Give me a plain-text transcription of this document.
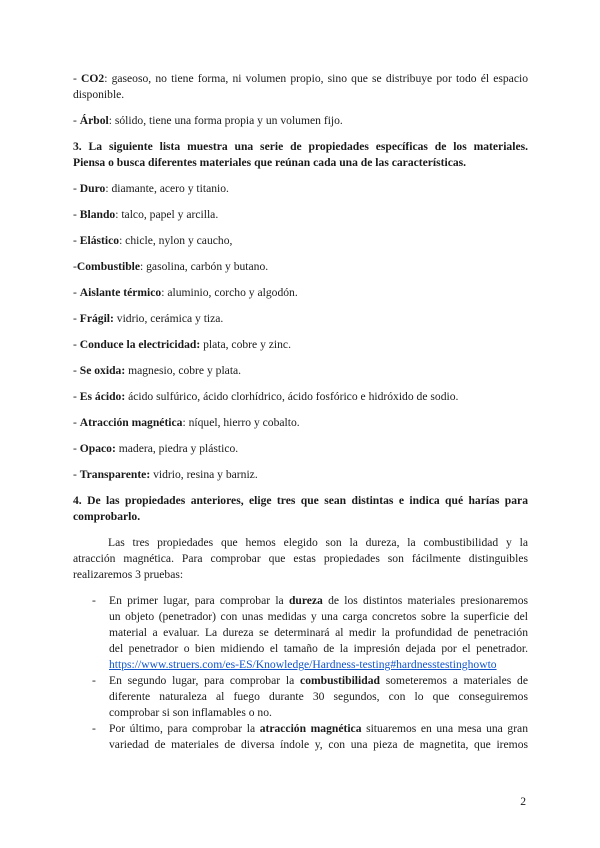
- CO2: gaseoso, no tiene forma, ni volumen propio, sino que se distribuye por todo él espacio
disponible.
- Árbol: sólido, tiene una forma propia y un volumen fijo.
3. La siguiente lista muestra una serie de propiedades específicas de los materiales.
Piensa o busca diferentes materiales que reúnan cada una de las características.
- Duro: diamante, acero y titanio.
- Blando: talco, papel y arcilla.
- Elástico: chicle, nylon y caucho,
-Combustible: gasolina, carbón y butano.
- Aislante térmico: aluminio, corcho y algodón.
- Frágil: vidrio, cerámica y tiza.
- Conduce la electricidad: plata, cobre y zinc.
- Se oxida: magnesio, cobre y plata.
- Es ácido: ácido sulfúrico, ácido clorhídrico, ácido fosfórico e hidróxido de sodio.
- Atracción magnética: níquel, hierro y cobalto.
- Opaco: madera, piedra y plástico.
- Transparente: vidrio, resina y barniz.
4. De las propiedades anteriores, elige tres que sean distintas e indica qué harías para
comprobarlo.
Las tres propiedades que hemos elegido son la dureza, la combustibilidad y la
atracción magnética. Para comprobar que estas propiedades son fácilmente distinguibles
realizaremos 3 pruebas:
- En primer lugar, para comprobar la dureza de los distintos materiales presionaremos
un objeto (penetrador) con unas medidas y una carga concretos sobre la superficie del
material a evaluar. La dureza se determinará al medir la profundidad de penetración
del penetrador o bien midiendo el tamaño de la impresión dejada por el penetrador.
https://www.struers.com/es-ES/Knowledge/Hardness-testing#hardnesstestinghowto
- En segundo lugar, para comprobar la combustibilidad someteremos a materiales de
diferente naturaleza al fuego durante 30 segundos, con lo que conseguiremos
comprobar si son inflamables o no.
- Por último, para comprobar la atracción magnética situaremos en una mesa una gran
variedad de materiales de diversa índole y, con una pieza de magnetita, que iremos
2
